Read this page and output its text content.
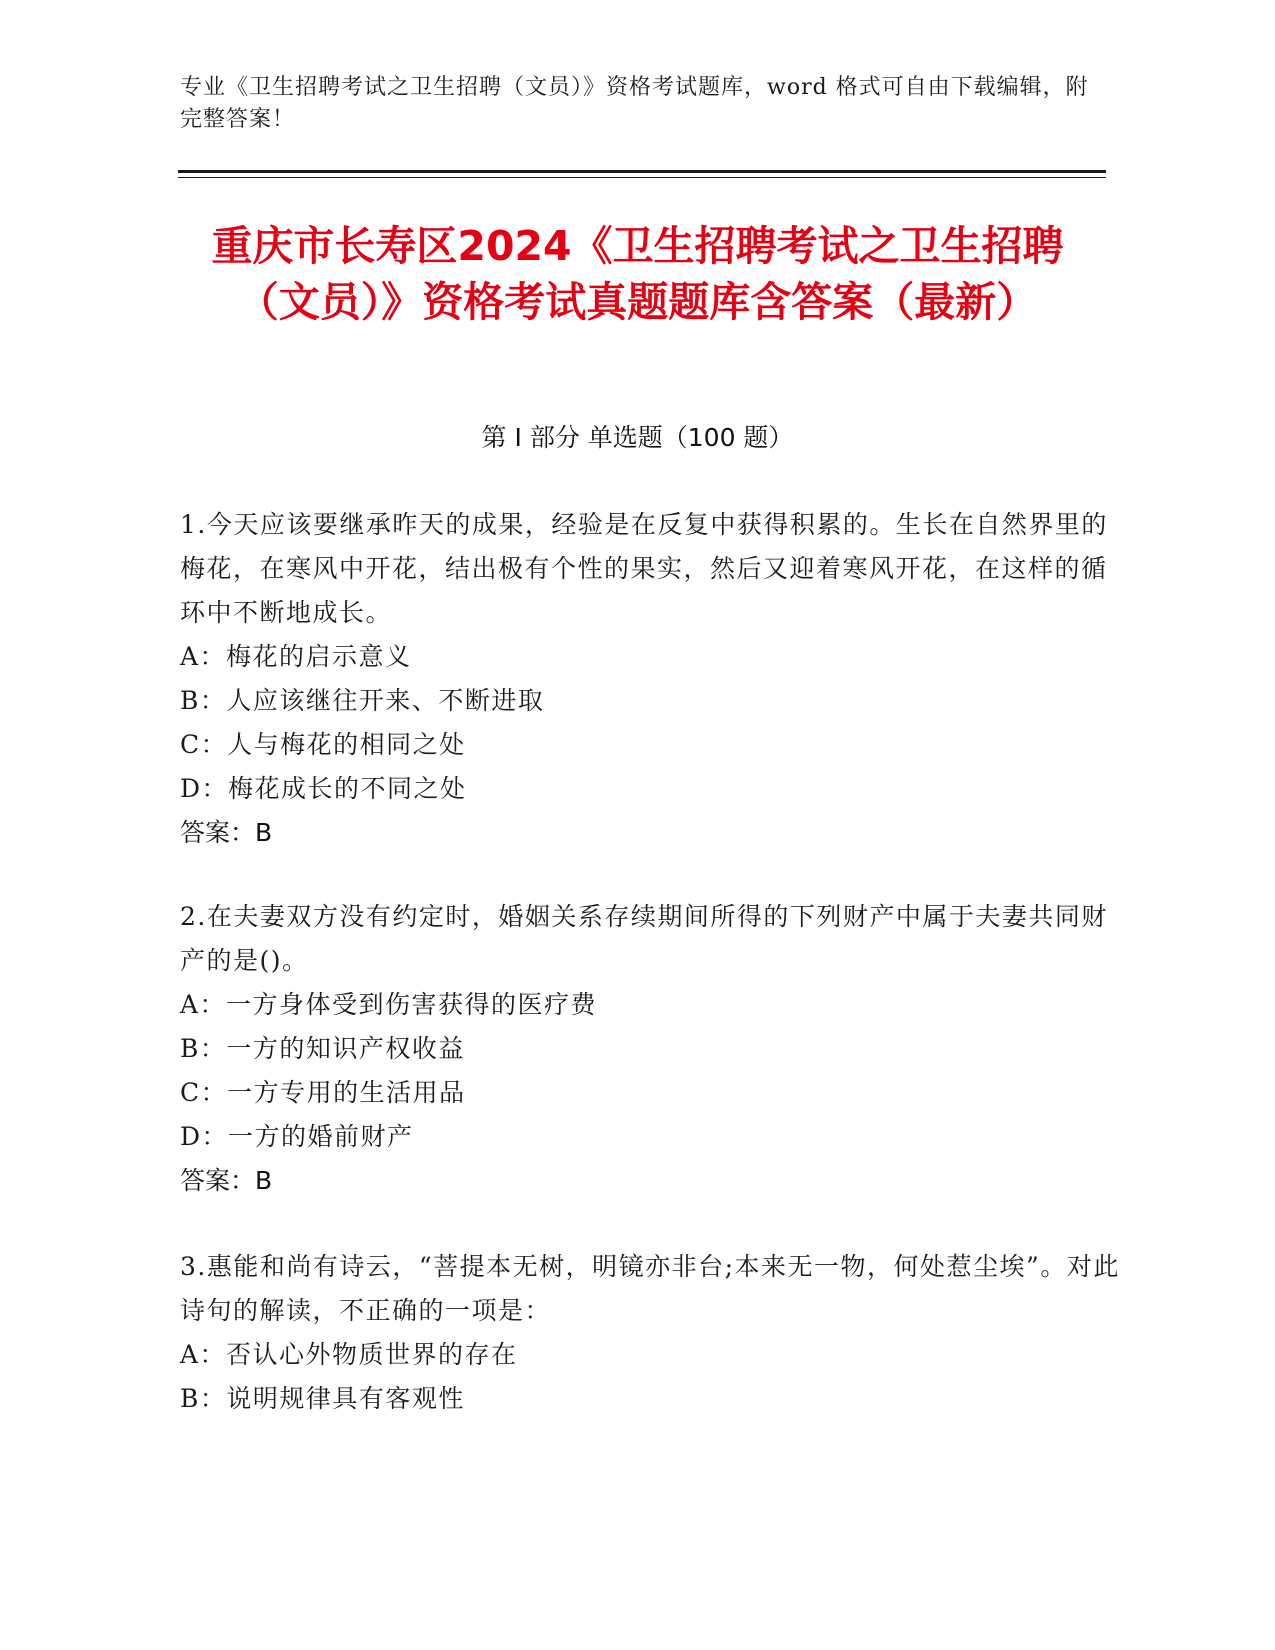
专业《卫生招聘考试之卫生招聘（文员）》资格考试题库，word 格式可自由下载编辑，附完整答案！
重庆市长寿区2024《卫生招聘考试之卫生招聘（文员）》资格考试真题题库含答案（最新）
第 I 部分 单选题（100 题）
1.今天应该要继承昨天的成果，经验是在反复中获得积累的。生长在自然界里的梅花，在寒风中开花，结出极有个性的果实，然后又迎着寒风开花，在这样的循环中不断地成长。
A：梅花的启示意义
B：人应该继往开来、不断进取
C：人与梅花的相同之处
D：梅花成长的不同之处
答案：B
2.在夫妻双方没有约定时，婚姻关系存续期间所得的下列财产中属于夫妻共同财产的是()。
A：一方身体受到伤害获得的医疗费
B：一方的知识产权收益
C：一方专用的生活用品
D：一方的婚前财产
答案：B
3.惠能和尚有诗云，“菩提本无树，明镜亦非台;本来无一物，何处惹尘埃”。对此诗句的解读，不正确的一项是：
A：否认心外物质世界的存在
B：说明规律具有客观性
